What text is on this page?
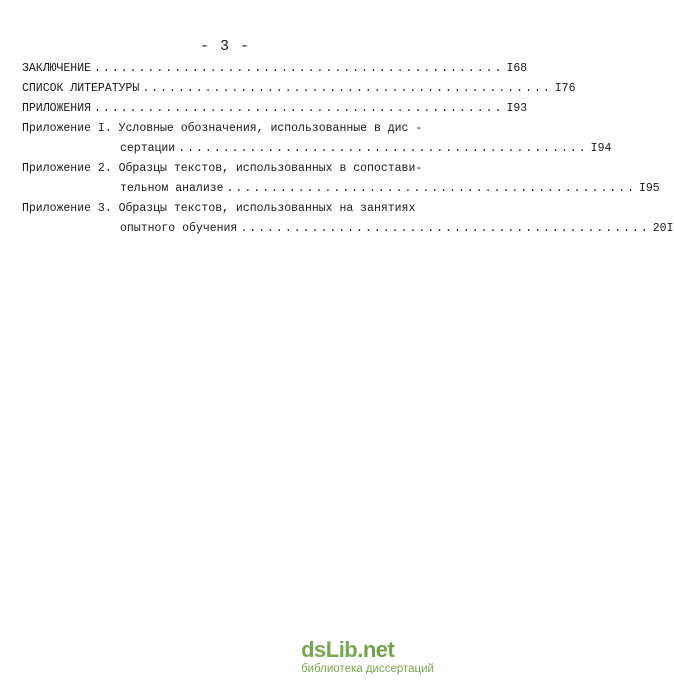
- 3 -
ЗАКЛЮЧЕНИЕ .............................................. I68
СПИСОК ЛИТЕРАТУРЫ .............................................. I76
ПРИЛОЖЕНИЯ .............................................. I93
Приложение I. Условные обозначения, использованные в дис -
сертации .............................................. I94
Приложение 2. Образцы текстов, использованных в сопостави-
тельном анализе .............................................. I95
Приложение 3. Образцы текстов, использованных на занятиях
опытного обучения .............................................. 20I
dsLib.net
библиотека диссертаций
